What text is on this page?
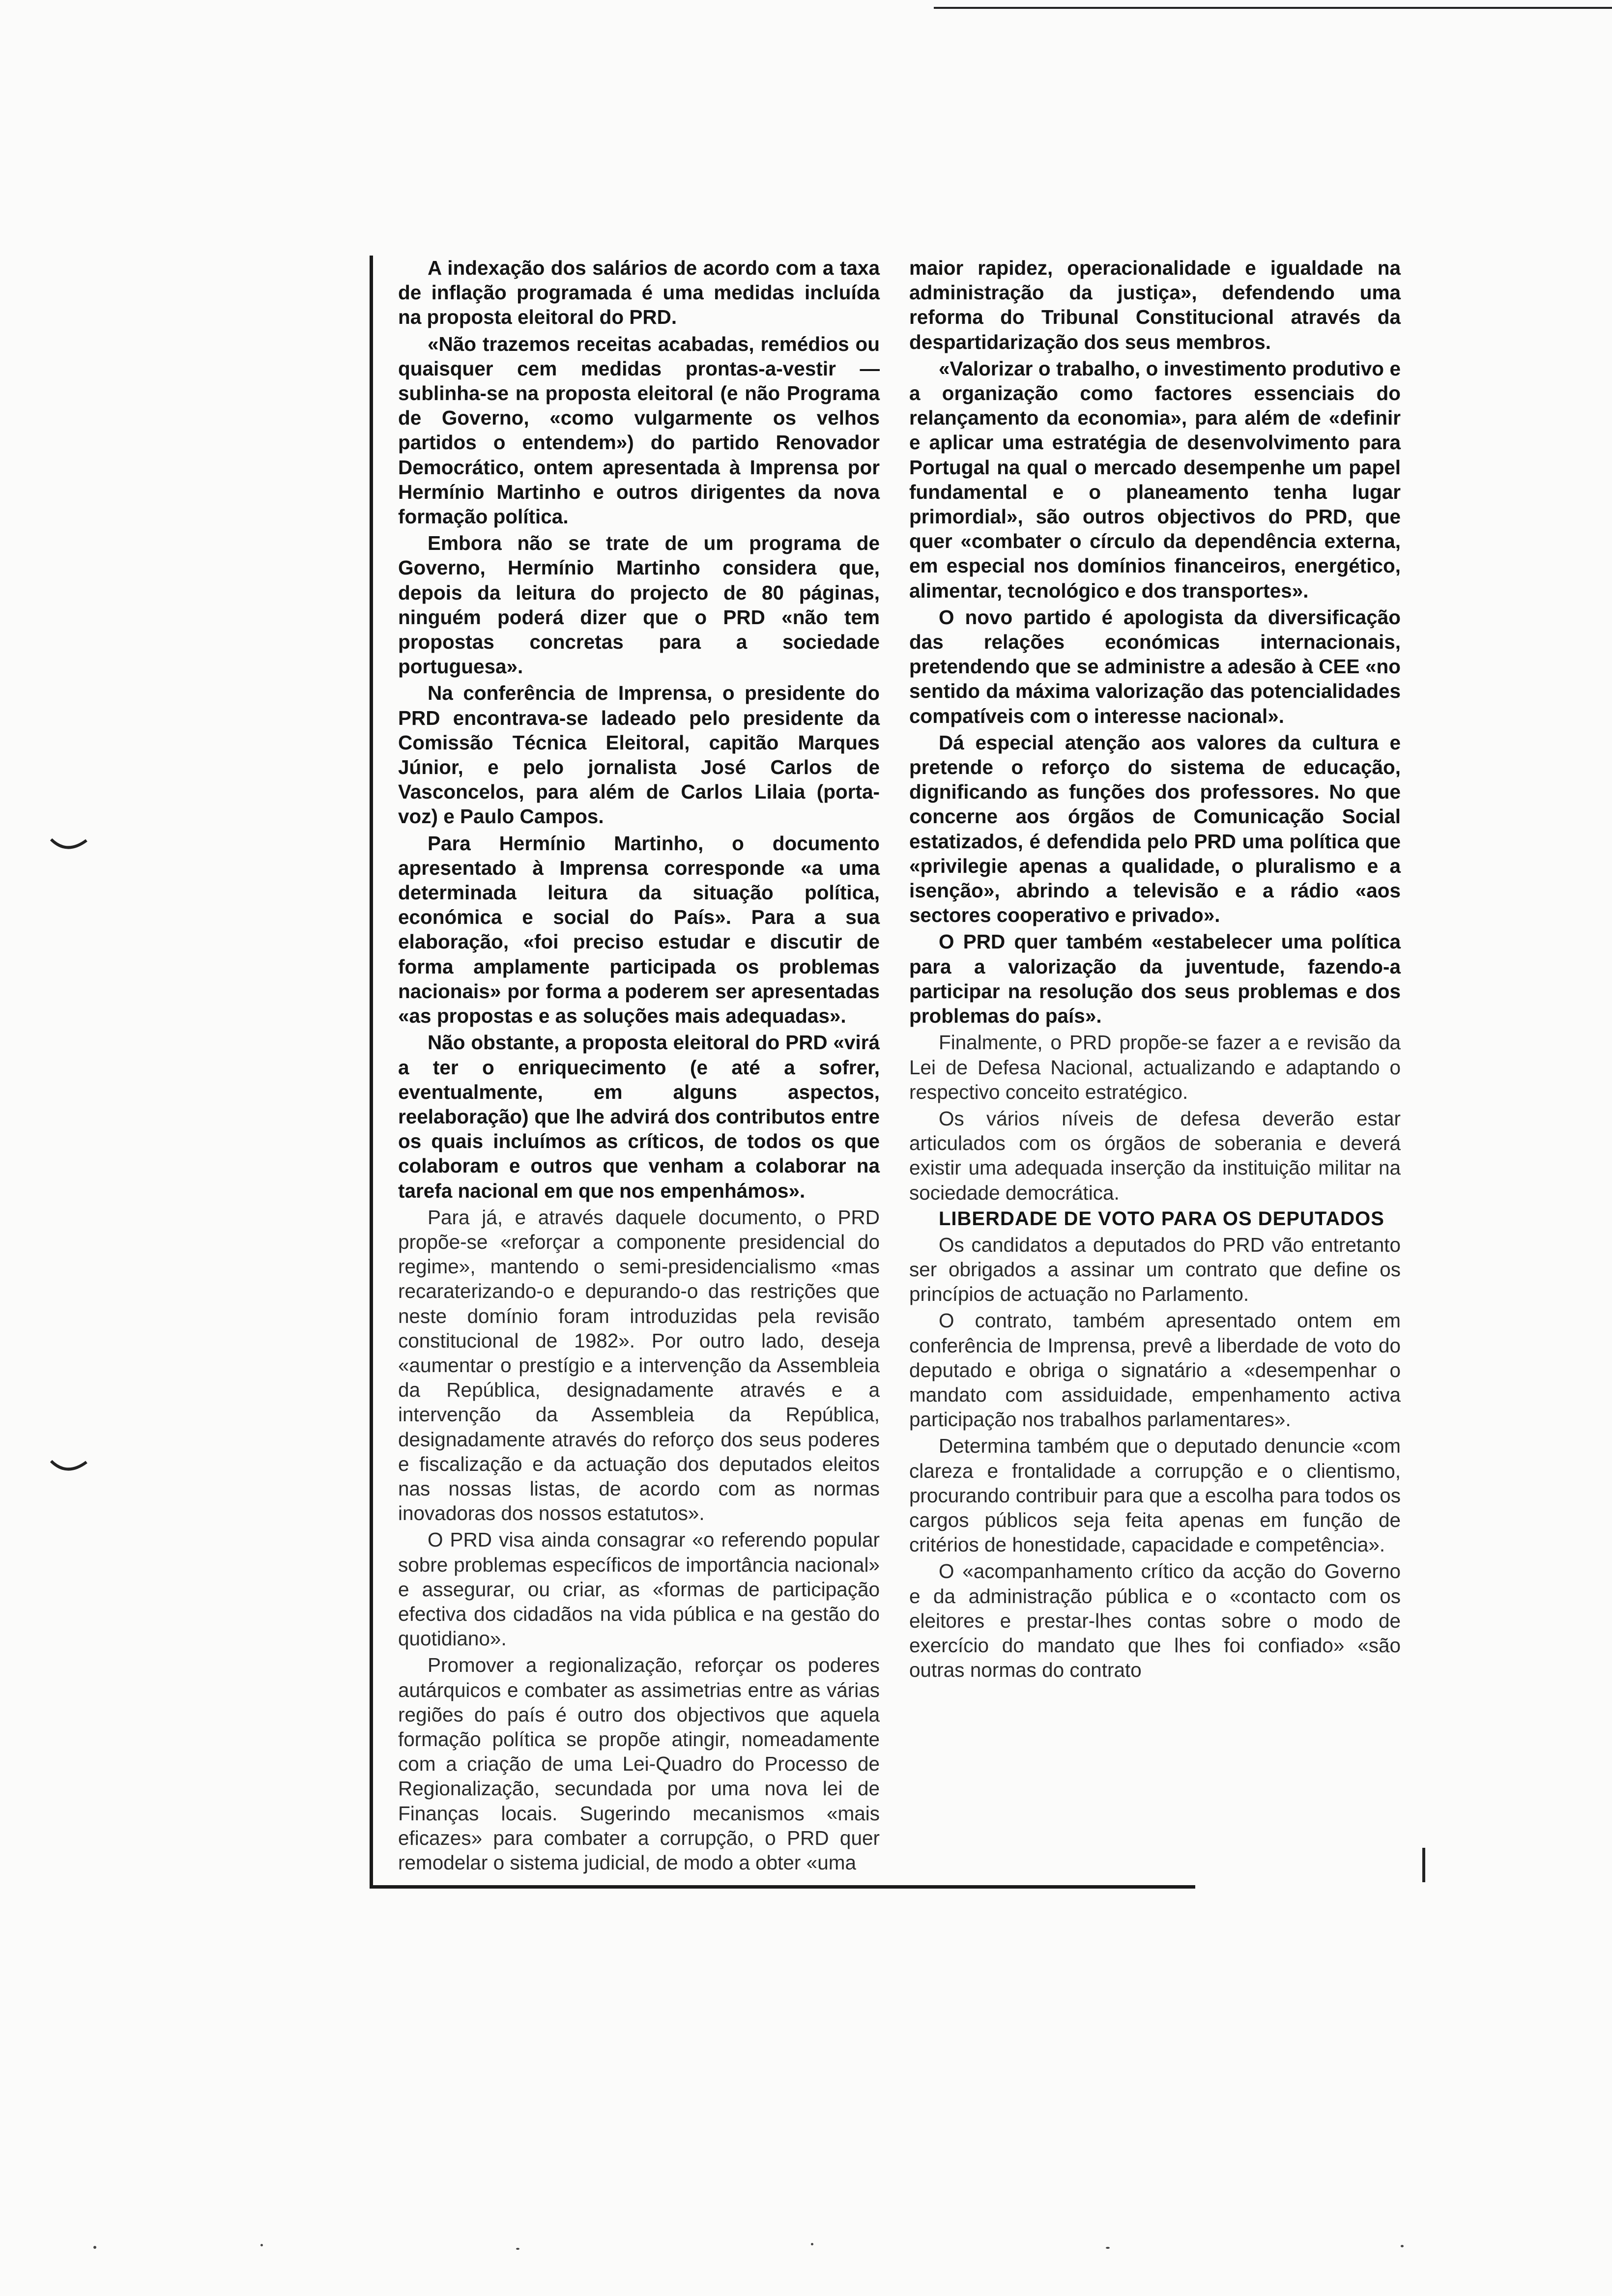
A indexação dos salários de acordo com a taxa de inflação programada é uma medidas incluída na proposta eleitoral do PRD.

«Não trazemos receitas acabadas, remédios ou quaisquer cem medidas prontas-a-vestir — sublinha-se na proposta eleitoral (e não Programa de Governo, «como vulgarmente os velhos partidos o entendem») do partido Renovador Democrático, ontem apresentada à Imprensa por Hermínio Martinho e outros dirigentes da nova formação política.

Embora não se trate de um programa de Governo, Hermínio Martinho considera que, depois da leitura do projecto de 80 páginas, ninguém poderá dizer que o PRD «não tem propostas concretas para a sociedade portuguesa».

Na conferência de Imprensa, o presidente do PRD encontrava-se ladeado pelo presidente da Comissão Técnica Eleitoral, capitão Marques Júnior, e pelo jornalista José Carlos de Vasconcelos, para além de Carlos Lilaia (porta-voz) e Paulo Campos.

Para Hermínio Martinho, o documento apresentado à Imprensa corresponde «a uma determinada leitura da situação política, económica e social do País». Para a sua elaboração, «foi preciso estudar e discutir de forma amplamente participada os problemas nacionais» por forma a poderem ser apresentadas «as propostas e as soluções mais adequadas».

Não obstante, a proposta eleitoral do PRD «virá a ter o enriquecimento (e até a sofrer, eventualmente, em alguns aspectos, reelaboração) que lhe advirá dos contributos entre os quais incluímos as críticos, de todos os que colaboram e outros que venham a colaborar na tarefa nacional em que nos empenhámos».

Para já, e através daquele documento, o PRD propõe-se «reforçar a componente presidencial do regime», mantendo o semi-presidencialismo «mas recaraterizando-o e depurando-o das restrições que neste domínio foram introduzidas pela revisão constitucional de 1982». Por outro lado, deseja «aumentar o prestígio e a intervenção da Assembleia da República, designadamente através e a intervenção da Assembleia da República, designadamente através do reforço dos seus poderes e fiscalização e da actuação dos deputados eleitos nas nossas listas, de acordo com as normas inovadoras dos nossos estatutos».

O PRD visa ainda consagrar «o referendo popular sobre problemas específicos de importância nacional» e assegurar, ou criar, as «formas de participação efectiva dos cidadãos na vida pública e na gestão do quotidiano».

Promover a regionalização, reforçar os poderes autárquicos e combater as assimetrias entre as várias regiões do país é outro dos objectivos que aquela formação política se propõe atingir, nomeadamente com a criação de uma Lei-Quadro do Processo de Regionalização, secundada por uma nova lei de Finanças locais. Sugerindo mecanismos «mais eficazes» para combater a corrupção, o PRD quer remodelar o sistema judicial, de modo a obter «uma

maior rapidez, operacionalidade e igualdade na administração da justiça», defendendo uma reforma do Tribunal Constitucional através da despartidarização dos seus membros.

«Valorizar o trabalho, o investimento produtivo e a organização como factores essenciais do relançamento da economia», para além de «definir e aplicar uma estratégia de desenvolvimento para Portugal na qual o mercado desempenhe um papel fundamental e o planeamento tenha lugar primordial», são outros objectivos do PRD, que quer «combater o círculo da dependência externa, em especial nos domínios financeiros, energético, alimentar, tecnológico e dos transportes».

O novo partido é apologista da diversificação das relações económicas internacionais, pretendendo que se administre a adesão à CEE «no sentido da máxima valorização das potencialidades compatíveis com o interesse nacional».

Dá especial atenção aos valores da cultura e pretende o reforço do sistema de educação, dignificando as funções dos professores. No que concerne aos órgãos de Comunicação Social estatizados, é defendida pelo PRD uma política que «privilegie apenas a qualidade, o pluralismo e a isenção», abrindo a televisão e a rádio «aos sectores cooperativo e privado».

O PRD quer também «estabelecer uma política para a valorização da juventude, fazendo-a participar na resolução dos seus problemas e dos problemas do país».

Finalmente, o PRD propõe-se fazer a e revisão da Lei de Defesa Nacional, actualizando e adaptando o respectivo conceito estratégico.

Os vários níveis de defesa deverão estar articulados com os órgãos de soberania e deverá existir uma adequada inserção da instituição militar na sociedade democrática.

LIBERDADE DE VOTO PARA OS DEPUTADOS

Os candidatos a deputados do PRD vão entretanto ser obrigados a assinar um contrato que define os princípios de actuação no Parlamento.

O contrato, também apresentado ontem em conferência de Imprensa, prevê a liberdade de voto do deputado e obriga o signatário a «desempenhar o mandato com assiduidade, empenhamento activa participação nos trabalhos parlamentares».

Determina também que o deputado denuncie «com clareza e frontalidade a corrupção e o clientismo, procurando contribuir para que a escolha para todos os cargos públicos seja feita apenas em função de critérios de honestidade, capacidade e competência».

O «acompanhamento crítico da acção do Governo e da administração pública e o «contacto com os eleitores e prestar-lhes contas sobre o modo de exercício do mandato que lhes foi confiado» «são outras normas do contrato
